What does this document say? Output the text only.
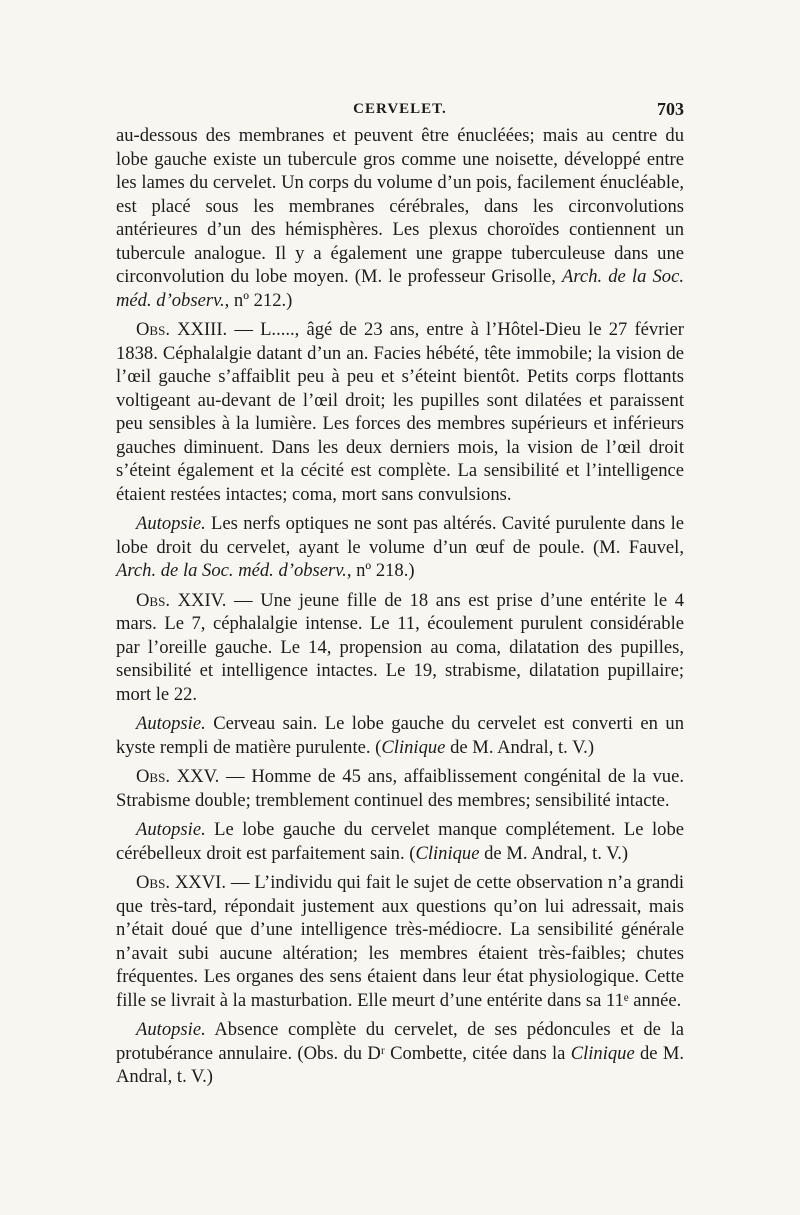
CERVELET.	703

au-dessous des membranes et peuvent être énucléées; mais au centre du lobe gauche existe un tubercule gros comme une noisette, développé entre les lames du cervelet. Un corps du volume d’un pois, facilement énucléable, est placé sous les membranes cérébrales, dans les circonvolutions antérieures d’un des hémisphères. Les plexus choroïdes contiennent un tubercule analogue. Il y a également une grappe tuberculeuse dans une circonvolution du lobe moyen. (M. le professeur Grisolle, Arch. de la Soc. méd. d’observ., nº 212.)

Obs. XXIII. — L....., âgé de 23 ans, entre à l’Hôtel-Dieu le 27 février 1838. Céphalalgie datant d’un an. Facies hébété, tête immobile; la vision de l’œil gauche s’affaiblit peu à peu et s’éteint bientôt. Petits corps flottants voltigeant au-devant de l’œil droit; les pupilles sont dilatées et paraissent peu sensibles à la lumière. Les forces des membres supérieurs et inférieurs gauches diminuent. Dans les deux derniers mois, la vision de l’œil droit s’éteint également et la cécité est complète. La sensibilité et l’intelligence étaient restées intactes; coma, mort sans convulsions.

Autopsie. Les nerfs optiques ne sont pas altérés. Cavité purulente dans le lobe droit du cervelet, ayant le volume d’un œuf de poule. (M. Fauvel, Arch. de la Soc. méd. d’observ., nº 218.)

Obs. XXIV. — Une jeune fille de 18 ans est prise d’une entérite le 4 mars. Le 7, céphalalgie intense. Le 11, écoulement purulent considérable par l’oreille gauche. Le 14, propension au coma, dilatation des pupilles, sensibilité et intelligence intactes. Le 19, strabisme, dilatation pupillaire; mort le 22.

Autopsie. Cerveau sain. Le lobe gauche du cervelet est converti en un kyste rempli de matière purulente. (Clinique de M. Andral, t. V.)

Obs. XXV. — Homme de 45 ans, affaiblissement congénital de la vue. Strabisme double; tremblement continuel des membres; sensibilité intacte.

Autopsie. Le lobe gauche du cervelet manque complétement. Le lobe cérébelleux droit est parfaitement sain. (Clinique de M. Andral, t. V.)

Obs. XXVI. — L’individu qui fait le sujet de cette observation n’a grandi que très-tard, répondait justement aux questions qu’on lui adressait, mais n’était doué que d’une intelligence très-médiocre. La sensibilité générale n’avait subi aucune altération; les membres étaient très-faibles; chutes fréquentes. Les organes des sens étaient dans leur état physiologique. Cette fille se livrait à la masturbation. Elle meurt d’une entérite dans sa 11ᵉ année.

Autopsie. Absence complète du cervelet, de ses pédoncules et de la protubérance annulaire. (Obs. du Dʳ Combette, citée dans la Clinique de M. Andral, t. V.)
